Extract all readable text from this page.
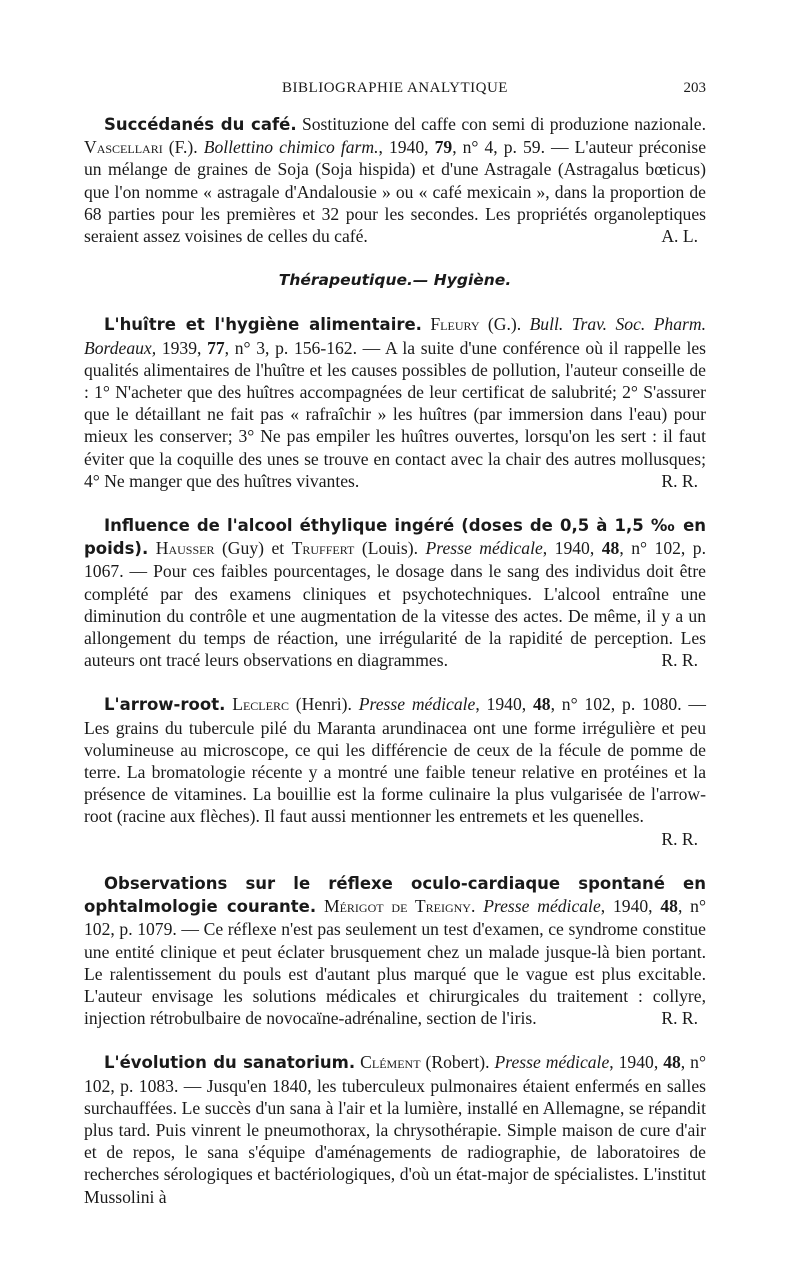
BIBLIOGRAPHIE ANALYTIQUE	203

Succédanés du café. Sostituzione del caffe con semi di produzione nazionale. Vascellari (F.). Bollettino chimico farm., 1940, 79, n° 4, p. 59. — L'auteur préconise un mélange de graines de Soja (Soja hispida) et d'une Astragale (Astragalus bœticus) que l'on nomme « astragale d'Andalousie » ou « café mexicain », dans la proportion de 68 parties pour les premières et 32 pour les secondes. Les propriétés organoleptiques seraient assez voisines de celles du café.	A. L.

Thérapeutique.— Hygiène.

L'huître et l'hygiène alimentaire. Fleury (G.). Bull. Trav. Soc. Pharm. Bordeaux, 1939, 77, n° 3, p. 156-162. — A la suite d'une conférence où il rappelle les qualités alimentaires de l'huître et les causes possibles de pollution, l'auteur conseille de : 1° N'acheter que des huîtres accompagnées de leur certificat de salubrité; 2° S'assurer que le détaillant ne fait pas « rafraîchir » les huîtres (par immersion dans l'eau) pour mieux les conserver; 3° Ne pas empiler les huîtres ouvertes, lorsqu'on les sert : il faut éviter que la coquille des unes se trouve en contact avec la chair des autres mollusques; 4° Ne manger que des huîtres vivantes.	R. R.

Influence de l'alcool éthylique ingéré (doses de 0,5 à 1,5 ‰ en poids). Hausser (Guy) et Truffert (Louis). Presse médicale, 1940, 48, n° 102, p. 1067. — Pour ces faibles pourcentages, le dosage dans le sang des individus doit être complété par des examens cliniques et psychotechniques. L'alcool entraîne une diminution du contrôle et une augmentation de la vitesse des actes. De même, il y a un allongement du temps de réaction, une irrégularité de la rapidité de perception. Les auteurs ont tracé leurs observations en diagrammes.	R. R.

L'arrow-root. Leclerc (Henri). Presse médicale, 1940, 48, n° 102, p. 1080. — Les grains du tubercule pilé du Maranta arundinacea ont une forme irrégulière et peu volumineuse au microscope, ce qui les différencie de ceux de la fécule de pomme de terre. La bromatologie récente y a montré une faible teneur relative en protéines et la présence de vitamines. La bouillie est la forme culinaire la plus vulgarisée de l'arrow-root (racine aux flèches). Il faut aussi mentionner les entremets et les quenelles.
R. R.

Observations sur le réflexe oculo-cardiaque spontané en ophtalmologie courante. Mérigot de Treigny. Presse médicale, 1940, 48, n° 102, p. 1079. — Ce réflexe n'est pas seulement un test d'examen, ce syndrome constitue une entité clinique et peut éclater brusquement chez un malade jusque-là bien portant. Le ralentissement du pouls est d'autant plus marqué que le vague est plus excitable. L'auteur envisage les solutions médicales et chirurgicales du traitement : collyre, injection rétrobulbaire de novocaïne-adrénaline, section de l'iris.	R. R.

L'évolution du sanatorium. Clément (Robert). Presse médicale, 1940, 48, n° 102, p. 1083. — Jusqu'en 1840, les tuberculeux pulmonaires étaient enfermés en salles surchauffées. Le succès d'un sana à l'air et la lumière, installé en Allemagne, se répandit plus tard. Puis vinrent le pneumothorax, la chrysothérapie. Simple maison de cure d'air et de repos, le sana s'équipe d'aménagements de radiographie, de laboratoires de recherches sérologiques et bactériologiques, d'où un état-major de spécialistes. L'institut Mussolini à
